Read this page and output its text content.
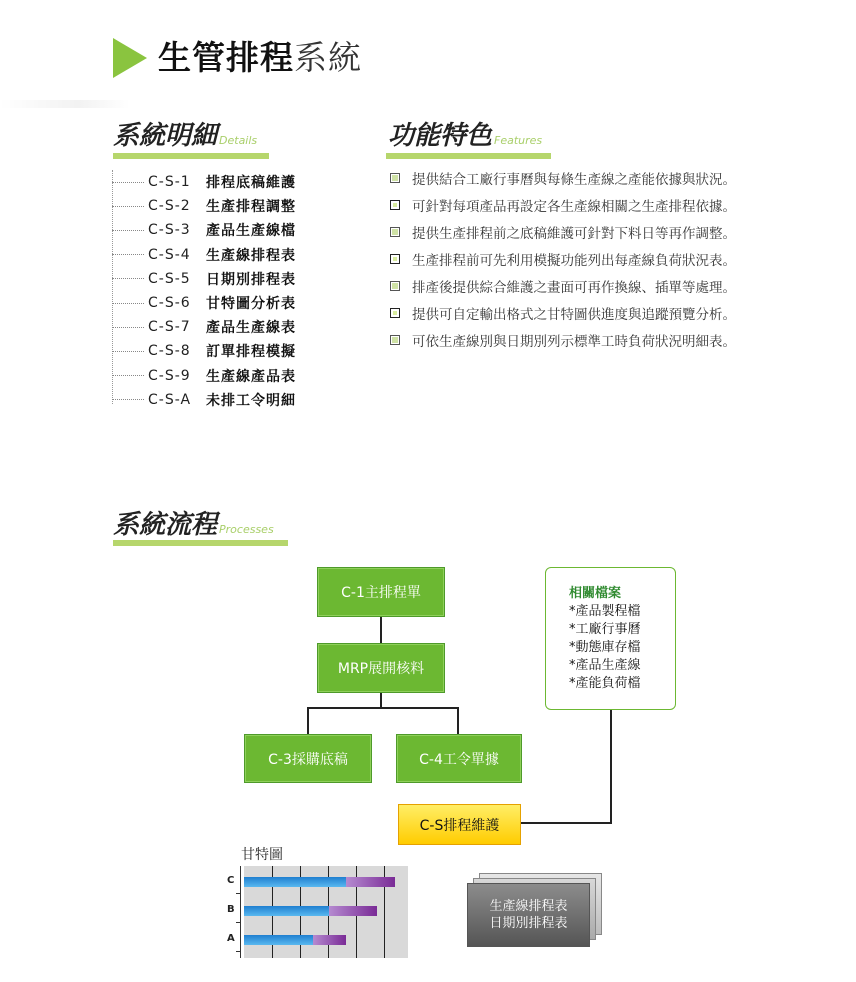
生管排程系統
系統明細 Details
C-S-1	排程底稿維護
C-S-2	生產排程調整
C-S-3	產品生產線檔
C-S-4	生產線排程表
C-S-5	日期別排程表
C-S-6	甘特圖分析表
C-S-7	產品生產線表
C-S-8	訂單排程模擬
C-S-9	生產線產品表
C-S-A	未排工令明細
功能特色 Features
提供結合工廠行事曆與每條生產線之產能依據與狀況。
可針對每項產品再設定各生產線相關之生產排程依據。
提供生產排程前之底稿維護可針對下料日等再作調整。
生產排程前可先利用模擬功能列出每產線負荷狀況表。
排產後提供綜合維護之畫面可再作換線、插單等處理。
提供可自定輸出格式之甘特圖供進度與追蹤預覽分析。
可依生產線別與日期別列示標準工時負荷狀況明細表。
系統流程 Processes
C-1主排程單
MRP展開核料
C-3採購底稿	C-4工令單據
C-S排程維護
相關檔案
*產品製程檔
*工廠行事曆
*動態庫存檔
*產品生產線
*產能負荷檔
甘特圖
C
B
A
生產線排程表
日期別排程表
